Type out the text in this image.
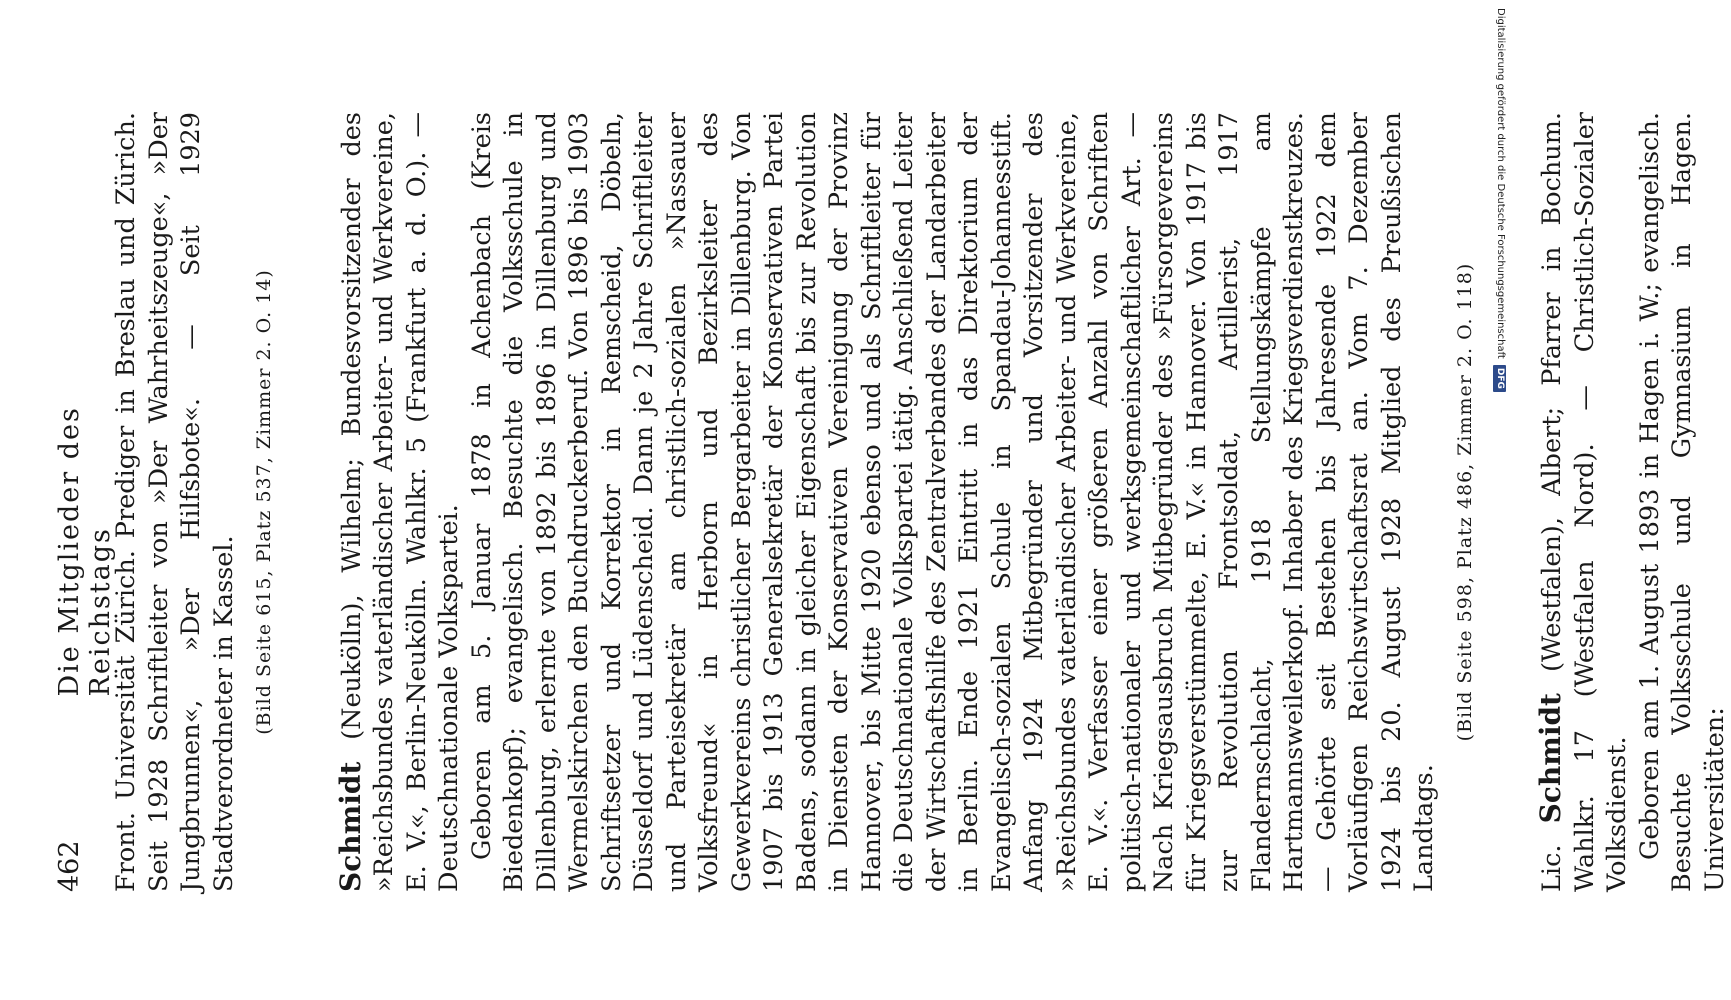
462
Die Mitglieder des Reichstags

Front. Universität Zürich. Prediger in Breslau und Zürich. Seit 1928 Schriftleiter von »Der Wahrheitszeuge«, »Der Jungbrunnen«, »Der Hilfsbote«. — Seit 1929 Stadtverordneter in Kassel. (Bild Seite 615, Platz 537, Zimmer 2. O. 14)

Schmidt (Neukölln), Wilhelm; Bundesvorsitzender des »Reichsbundes vaterländischer Arbeiter- und Werkvereine, E. V.«, Berlin-Neukölln. Wahlkr. 5 (Frankfurt a. d. O.). — Deutschnationale Volkspartei. Geboren am 5. Januar 1878 in Achenbach (Kreis Biedenkopf); evangelisch. Besuchte die Volksschule in Dillenburg, erlernte von 1892 bis 1896 in Dillenburg und Wermelskirchen den Buchdruckerberuf. Von 1896 bis 1903 Schriftsetzer und Korrektor in Remscheid, Döbeln, Düsseldorf und Lüdenscheid. Dann je 2 Jahre Schriftleiter und Parteisekretär am christlich-sozialen »Nassauer Volksfreund« in Herborn und Bezirksleiter des Gewerkvereins christlicher Bergarbeiter in Dillenburg. Von 1907 bis 1913 Generalsekretär der Konservativen Partei Badens, sodann in gleicher Eigenschaft bis zur Revolution in Diensten der Konservativen Vereinigung der Provinz Hannover, bis Mitte 1920 ebenso und als Schriftleiter für die Deutschnationale Volkspartei tätig. Anschließend Leiter der Wirtschaftshilfe des Zentralverbandes der Landarbeiter in Berlin. Ende 1921 Eintritt in das Direktorium der Evangelisch-sozialen Schule in Spandau-Johannesstift. Anfang 1924 Mitbegründer und Vorsitzender des »Reichsbundes vaterländischer Arbeiter- und Werkvereine, E. V.«. Verfasser einer größeren Anzahl von Schriften politisch-nationaler und werksgemeinschaftlicher Art. — Nach Kriegsausbruch Mitbegründer des »Fürsorgevereins für Kriegsverstümmelte, E. V.« in Hannover. Von 1917 bis zur Revolution Frontsoldat, Artillerist, 1917 Flandernschlacht, 1918 Stellungskämpfe am Hartmannsweilerkopf. Inhaber des Kriegsverdienstkreuzes. — Gehörte seit Bestehen bis Jahresende 1922 dem Vorläufigen Reichswirtschaftsrat an. Vom 7. Dezember 1924 bis 20. August 1928 Mitglied des Preußischen Landtags.

(Bild Seite 598, Platz 486, Zimmer 2. O. 118)

Lic. Schmidt (Westfalen), Albert; Pfarrer in Bochum. Wahlkr. 17 (Westfalen Nord). — Christlich-Sozialer Volksdienst. Geboren am 1. August 1893 in Hagen i. W.; evangelisch. Besuchte Volksschule und Gymnasium in Hagen. Universitäten:

Digitalisierung gefördert durch die Deutsche Forschungsgemeinschaft
DFG
